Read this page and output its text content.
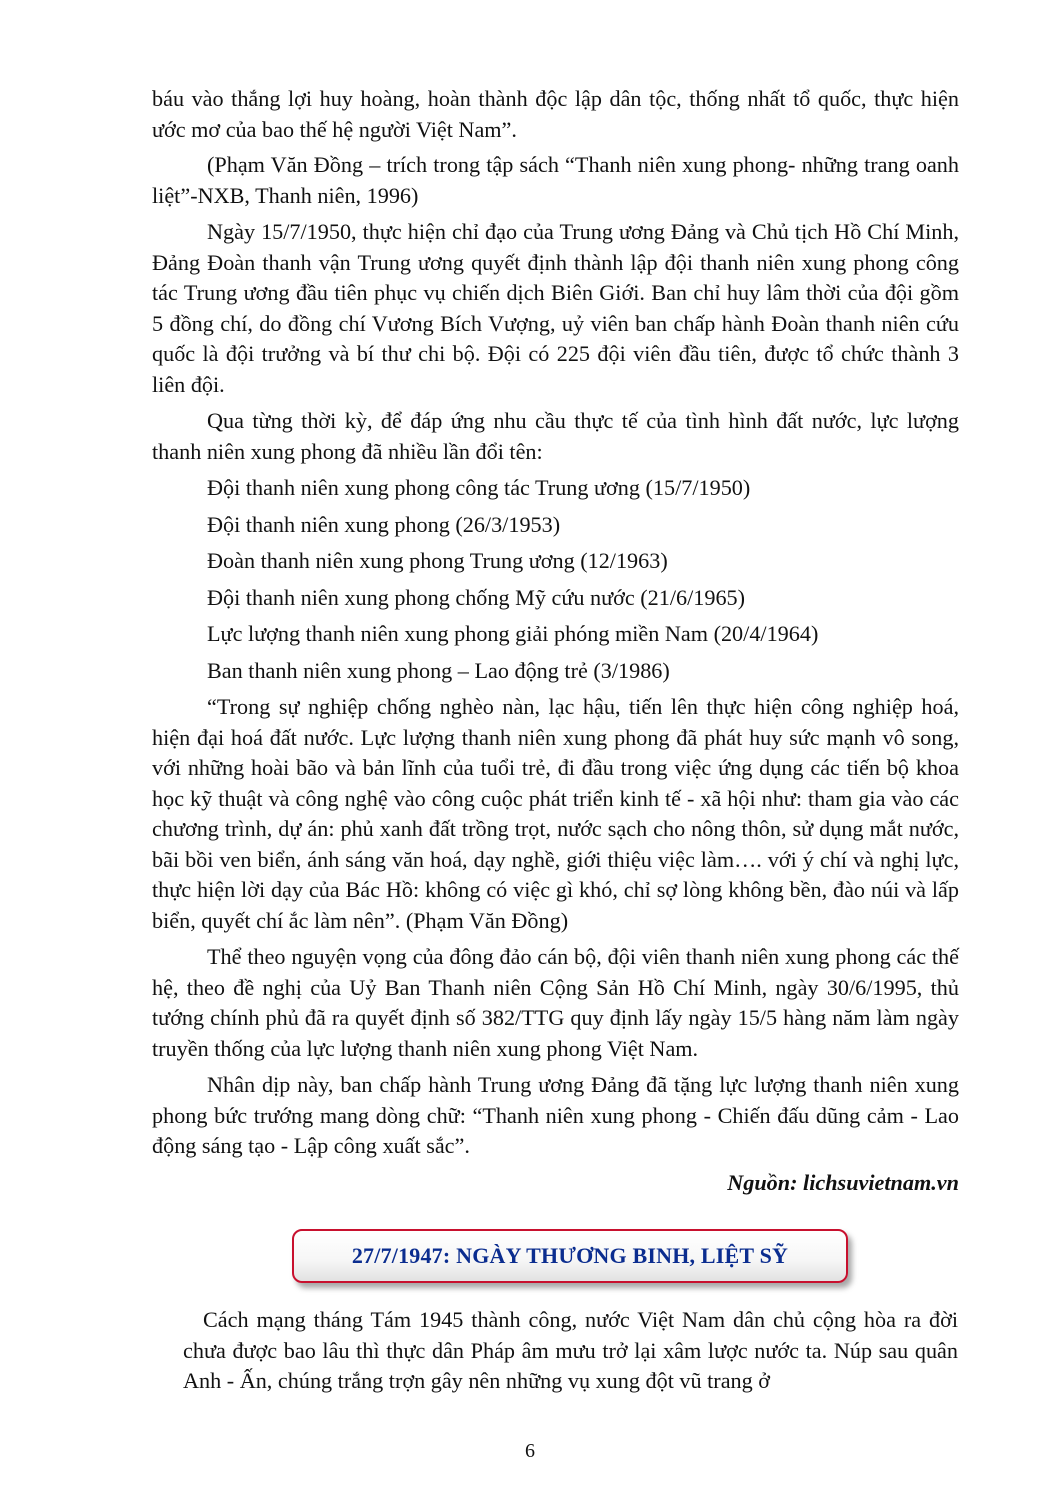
báu vào thắng lợi huy hoàng, hoàn thành độc lập dân tộc, thống nhất tổ quốc, thực hiện ước mơ của bao thế hệ người Việt Nam”.

(Phạm Văn Đồng – trích trong tập sách “Thanh niên xung phong- những trang oanh liệt”-NXB, Thanh niên, 1996)

Ngày 15/7/1950, thực hiện chỉ đạo của Trung ương Đảng và Chủ tịch Hồ Chí Minh, Đảng Đoàn thanh vận Trung ương quyết định thành lập đội thanh niên xung phong công tác Trung ương đầu tiên phục vụ chiến dịch Biên Giới. Ban chỉ huy lâm thời của đội gồm 5 đồng chí, do đồng chí Vương Bích Vượng, uỷ viên ban chấp hành Đoàn thanh niên cứu quốc là đội trưởng và bí thư chi bộ. Đội có 225 đội viên đầu tiên, được tổ chức thành 3 liên đội.

Qua từng thời kỳ, để đáp ứng nhu cầu thực tế của tình hình đất nước, lực lượng thanh niên xung phong đã nhiều lần đổi tên:

Đội thanh niên xung phong công tác Trung ương (15/7/1950)
Đội thanh niên xung phong (26/3/1953)
Đoàn thanh niên xung phong Trung ương (12/1963)
Đội thanh niên xung phong chống Mỹ cứu nước (21/6/1965)
Lực lượng thanh niên xung phong giải phóng miền Nam (20/4/1964)
Ban thanh niên xung phong – Lao động trẻ (3/1986)

“Trong sự nghiệp chống nghèo nàn, lạc hậu, tiến lên thực hiện công nghiệp hoá, hiện đại hoá đất nước. Lực lượng thanh niên xung phong đã phát huy sức mạnh vô song, với những hoài bão và bản lĩnh của tuổi trẻ, đi đầu trong việc ứng dụng các tiến bộ khoa học kỹ thuật và công nghệ vào công cuộc phát triển kinh tế - xã hội như: tham gia vào các chương trình, dự án: phủ xanh đất trồng trọt, nước sạch cho nông thôn, sử dụng mắt nước, bãi bồi ven biển, ánh sáng văn hoá, dạy nghề, giới thiệu việc làm…. với ý chí và nghị lực, thực hiện lời dạy của Bác Hồ: không có việc gì khó, chỉ sợ lòng không bền, đào núi và lấp biển, quyết chí ắc làm nên”. (Phạm Văn Đồng)

Thể theo nguyện vọng của đông đảo cán bộ, đội viên thanh niên xung phong các thế hệ, theo đề nghị của Uỷ Ban Thanh niên Cộng Sản Hồ Chí Minh, ngày 30/6/1995, thủ tướng chính phủ đã ra quyết định số 382/TTG quy định lấy ngày 15/5 hàng năm làm ngày truyền thống của lực lượng thanh niên xung phong Việt Nam.

Nhân dịp này, ban chấp hành Trung ương Đảng đã tặng lực lượng thanh niên xung phong bức trướng mang dòng chữ: “Thanh niên xung phong - Chiến đấu dũng cảm - Lao động sáng tạo - Lập công xuất sắc”.

Nguồn: lichsuvietnam.vn

27/7/1947: NGÀY THƯƠNG BINH, LIỆT SỸ

Cách mạng tháng Tám 1945 thành công, nước Việt Nam dân chủ cộng hòa ra đời chưa được bao lâu thì thực dân Pháp âm mưu trở lại xâm lược nước ta. Núp sau quân Anh - Ấn, chúng trắng trợn gây nên những vụ xung đột vũ trang ở

6
